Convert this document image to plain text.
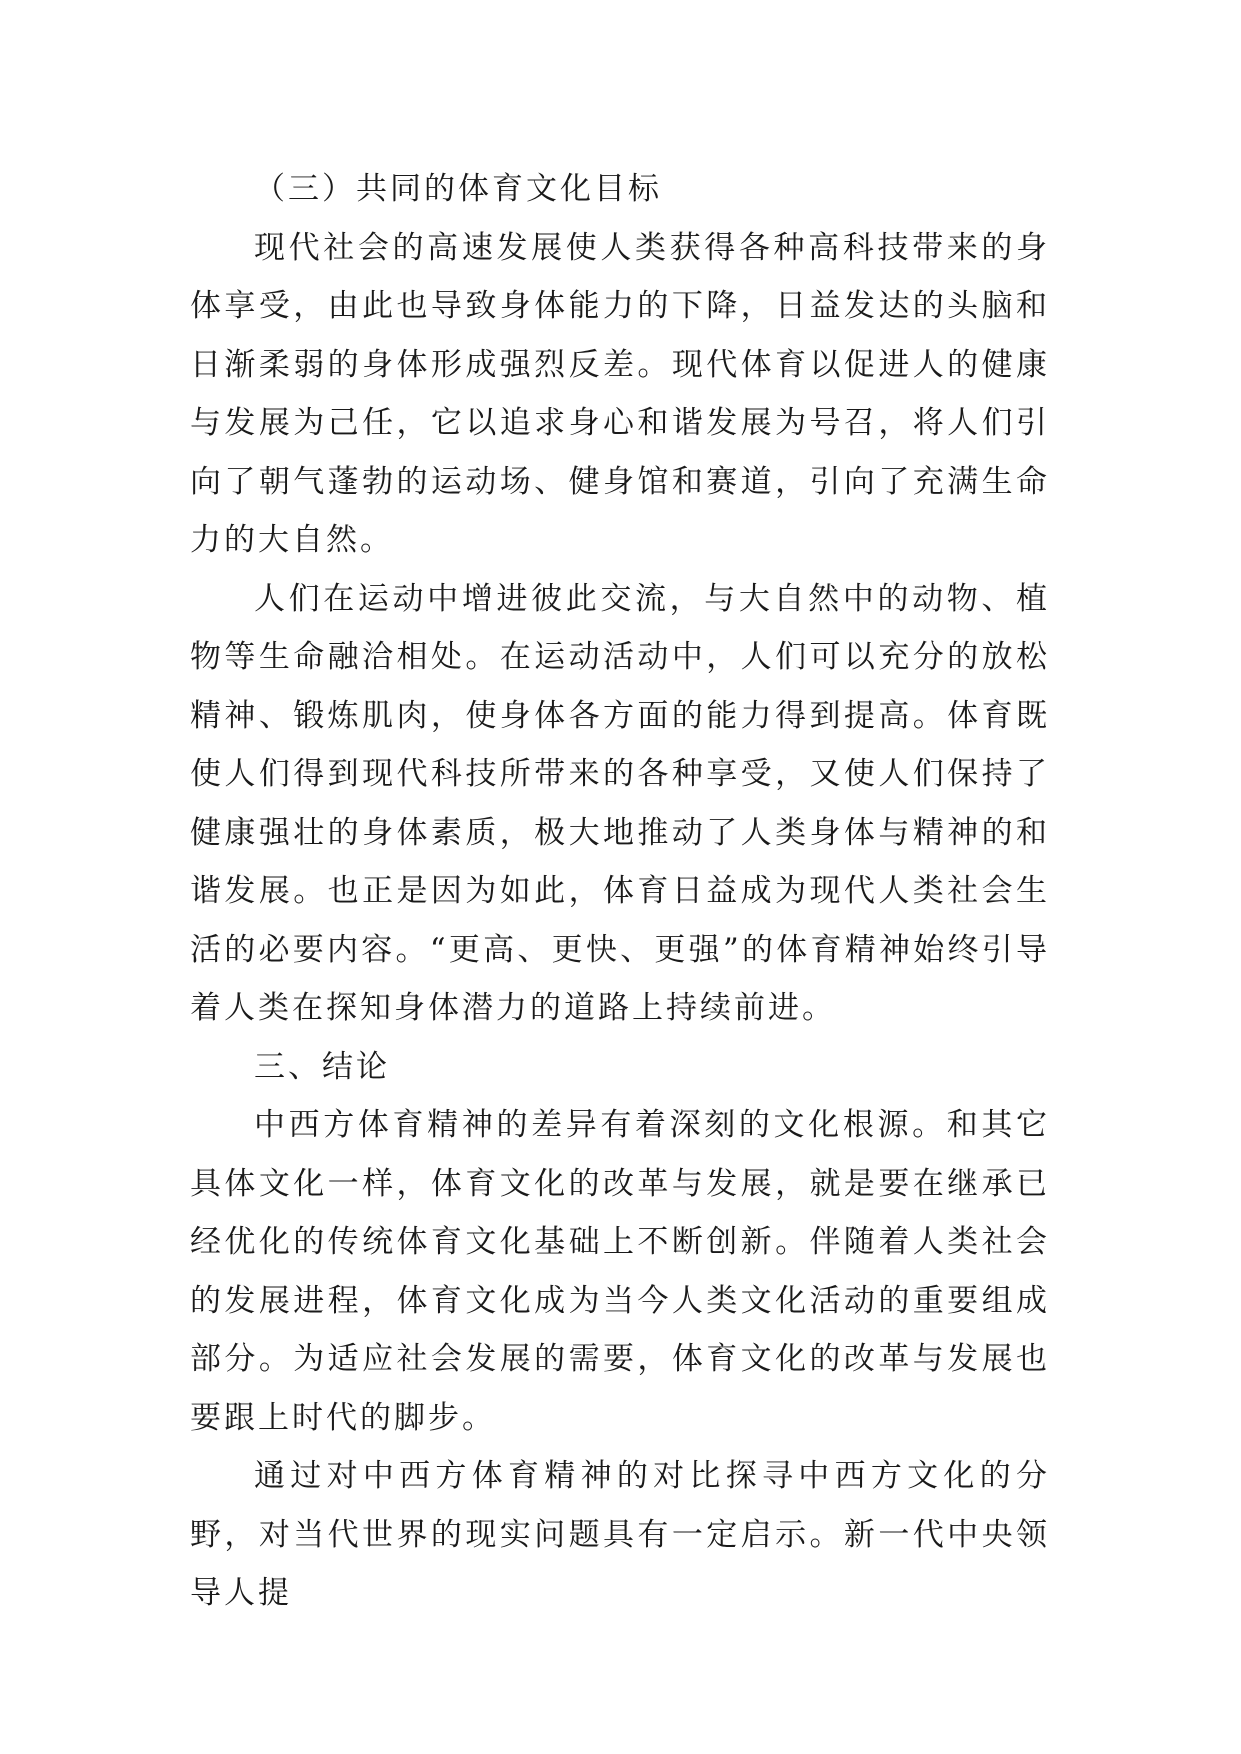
（三）共同的体育文化目标

现代社会的高速发展使人类获得各种高科技带来的身体享受，由此也导致身体能力的下降，日益发达的头脑和日渐柔弱的身体形成强烈反差。现代体育以促进人的健康与发展为己任，它以追求身心和谐发展为号召，将人们引向了朝气蓬勃的运动场、健身馆和赛道，引向了充满生命力的大自然。

人们在运动中增进彼此交流，与大自然中的动物、植物等生命融洽相处。在运动活动中，人们可以充分的放松精神、锻炼肌肉，使身体各方面的能力得到提高。体育既使人们得到现代科技所带来的各种享受，又使人们保持了健康强壮的身体素质，极大地推动了人类身体与精神的和谐发展。也正是因为如此，体育日益成为现代人类社会生活的必要内容。“更高、更快、更强”的体育精神始终引导着人类在探知身体潜力的道路上持续前进。

三、结论

中西方体育精神的差异有着深刻的文化根源。和其它具体文化一样，体育文化的改革与发展，就是要在继承已经优化的传统体育文化基础上不断创新。伴随着人类社会的发展进程，体育文化成为当今人类文化活动的重要组成部分。为适应社会发展的需要，体育文化的改革与发展也要跟上时代的脚步。

通过对中西方体育精神的对比探寻中西方文化的分野，对当代世界的现实问题具有一定启示。新一代中央领导人提
